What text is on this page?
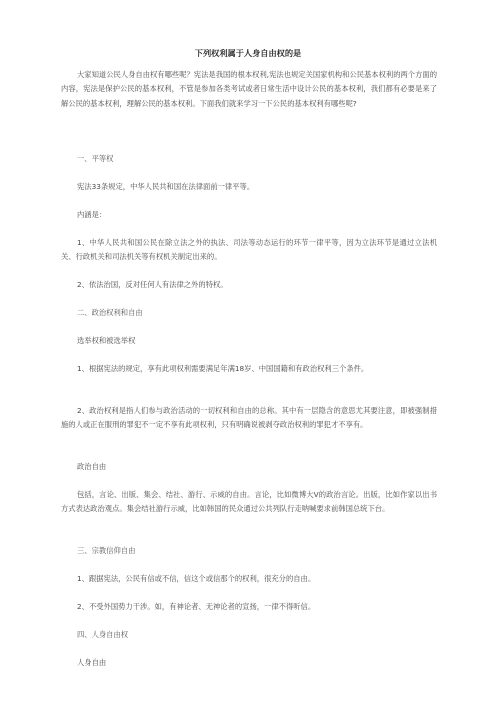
下列权利属于人身自由权的是

大家知道公民人身自由权有哪些呢？宪法是我国的根本权利,宪法也规定关国家机构和公民基本权利的两个方面的内容，宪法是保护公民的基本权利，不管是参加各类考试或者日常生活中设计公民的基本权利，我们都有必要是来了解公民的基本权利，理解公民的基本权利。下面我们就来学习一下公民的基本权利有哪些呢?

一、平等权

宪法33条规定，中华人民共和国在法律面前一律平等。

内涵是：

1、中华人民共和国公民在除立法之外的执法、司法等动态运行的环节一律平等，因为立法环节是通过立法机关、行政机关和司法机关等有权机关制定出来的。

2、依法治国，反对任何人有法律之外的特权。

二、政治权利和自由

选举权和被选举权

1、根据宪法的规定，享有此项权利需要满足年满18岁、中国国籍和有政治权利三个条件。

2、政治权利是指人们参与政治活动的一切权利和自由的总称。其中有一层隐含的意思尤其要注意，即被强制措施的人或正在服刑的罪犯不一定不享有此项权利，只有明确说被剥夺政治权利的罪犯才不享有。

政治自由

包括，言论、出版、集会、结社、游行、示威的自由。言论，比如微博大V的政治言论。出版，比如作家以出书方式表达政治观点。集会结社游行示威，比如韩国的民众通过公共列队行走呐喊要求前韩国总统下台。

三、宗教信仰自由

1、跟据宪法，公民有信或不信，信这个或信那个的权利，很充分的自由。

2、不受外国势力干涉。如，有神论者、无神论者的宣扬，一律不得听信。

四、人身自由权

人身自由
